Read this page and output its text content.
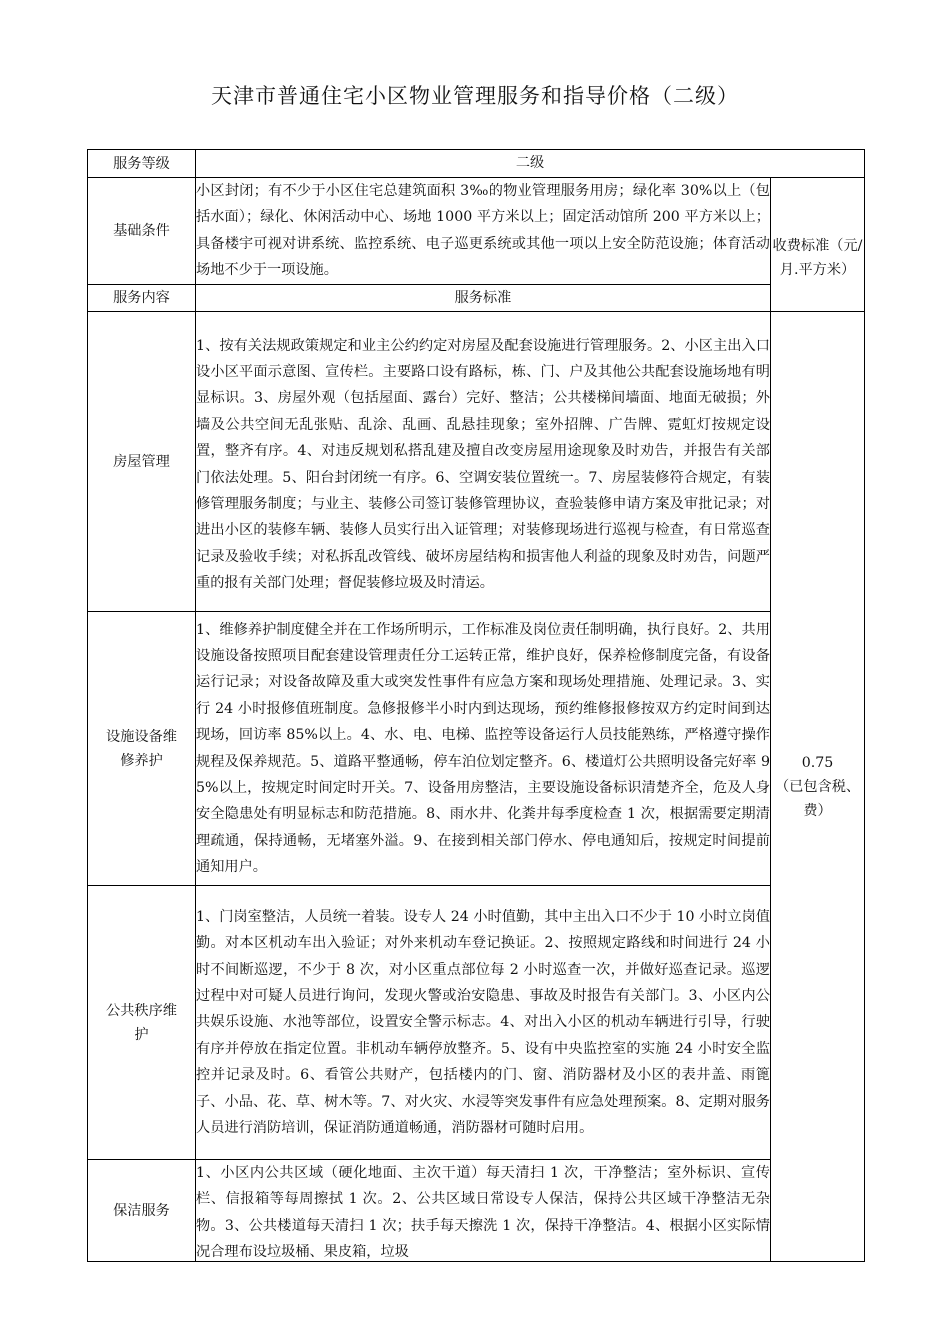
天津市普通住宅小区物业管理服务和指导价格（二级）
服务等级	二级	
基础条件	小区封闭；有不少于小区住宅总建筑面积 3‰的物业管理服务用房；绿化率 30%以上（包括水面）；绿化、休闲活动中心、场地 1000 平方米以上；固定活动馆所 200 平方米以上；具备楼宇可视对讲系统、监控系统、电子巡更系统或其他一项以上安全防范设施；体育活动场地不少于一项设施。	收费标准（元/月.平方米）

服务内容	服务标准	
房屋管理	1、按有关法规政策规定和业主公约约定对房屋及配套设施进行管理服务。2、小区主出入口设小区平面示意图、宣传栏。主要路口设有路标，栋、门、户及其他公共配套设施场地有明显标识。3、房屋外观（包括屋面、露台）完好、整洁；公共楼梯间墙面、地面无破损；外墙及公共空间无乱张贴、乱涂、乱画、乱悬挂现象；室外招牌、广告牌、霓虹灯按规定设置，整齐有序。4、对违反规划私搭乱建及擅自改变房屋用途现象及时劝告，并报告有关部门依法处理。5、阳台封闭统一有序。6、空调安装位置统一。7、房屋装修符合规定，有装修管理服务制度；与业主、装修公司签订装修管理协议，查验装修申请方案及审批记录；对进出小区的装修车辆、装修人员实行出入证管理；对装修现场进行巡视与检查，有日常巡查记录及验收手续；对私拆乱改管线、破坏房屋结构和损害他人利益的现象及时劝告，问题严重的报有关部门处理；督促装修垃圾及时清运。	0.75
（已包含税、费）

设施设备维修养护	1、维修养护制度健全并在工作场所明示，工作标准及岗位责任制明确，执行良好。2、共用设施设备按照项目配套建设管理责任分工运转正常，维护良好，保养检修制度完备，有设备运行记录；对设备故障及重大或突发性事件有应急方案和现场处理措施、处理记录。3、实行 24 小时报修值班制度。急修报修半小时内到达现场，预约维修报修按双方约定时间到达现场，回访率 85%以上。4、水、电、电梯、监控等设备运行人员技能熟练，严格遵守操作规程及保养规范。5、道路平整通畅，停车泊位划定整齐。6、楼道灯公共照明设备完好率 95%以上，按规定时间定时开关。7、设备用房整洁，主要设施设备标识清楚齐全，危及人身安全隐患处有明显标志和防范措施。8、雨水井、化粪井每季度检查 1 次，根据需要定期清理疏通，保持通畅，无堵塞外溢。9、在接到相关部门停水、停电通知后，按规定时间提前通知用户。	
公共秩序维护	1、门岗室整洁，人员统一着装。设专人 24 小时值勤，其中主出入口不少于 10 小时立岗值勤。对本区机动车出入验证；对外来机动车登记换证。2、按照规定路线和时间进行 24 小时不间断巡逻，不少于 8 次，对小区重点部位每 2 小时巡查一次，并做好巡查记录。巡逻过程中对可疑人员进行询问，发现火警或治安隐患、事故及时报告有关部门。3、小区内公共娱乐设施、水池等部位，设置安全警示标志。4、对出入小区的机动车辆进行引导，行驶有序并停放在指定位置。非机动车辆停放整齐。5、设有中央监控室的实施 24 小时安全监控并记录及时。6、看管公共财产，包括楼内的门、窗、消防器材及小区的表井盖、雨篦子、小品、花、草、树木等。7、对火灾、水浸等突发事件有应急处理预案。8、定期对服务人员进行消防培训，保证消防通道畅通，消防器材可随时启用。	
保洁服务	1、小区内公共区域（硬化地面、主次干道）每天清扫 1 次，干净整洁；室外标识、宣传栏、信报箱等每周擦拭 1 次。2、公共区域日常设专人保洁，保持公共区域干净整洁无杂物。3、公共楼道每天清扫 1 次；扶手每天擦洗 1 次，保持干净整洁。4、根据小区实际情况合理布设垃圾桶、果皮箱，垃圾	
